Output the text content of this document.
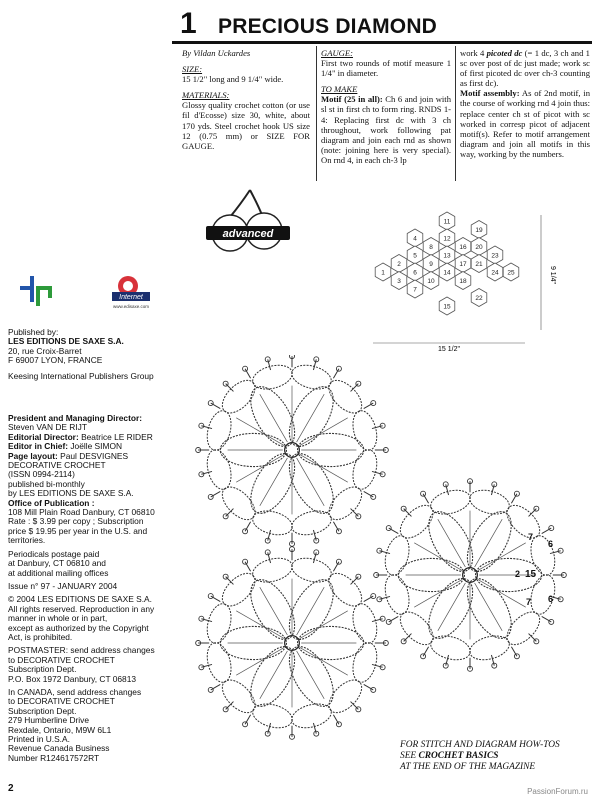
Internet
www.edisaxe.com
Published by:
LES EDITIONS DE SAXE S.A.
20, rue Croix-Barret
F 69007 LYON, FRANCE
Keesing International Publishers Group
President and Managing Director:
Steven VAN DE RIJT
Editorial Director: Beatrice LE RIDER
Editor in Chief: Joëlle SIMON
Page layout: Paul DESVIGNES
DECORATIVE CROCHET
(ISSN 0994-2114)
published bi-monthly
by LES EDITIONS DE SAXE S.A.
Office of Publication :
108 Mill Plain Road Danbury, CT 06810
Rate : $ 3.99 per copy ; Subscription
price $ 19.95 per year in the U.S. and
territories.
Periodicals postage paid
at Danbury, CT 06810 and
at additional mailing offices
Issue n° 97 - JANUARY 2004
© 2004 LES EDITIONS DE SAXE S.A.
All rights reserved. Reproduction in any
manner in whole or in part,
except as authorized by the Copyright
Act, is prohibited.
POSTMASTER: send address changes
to DECORATIVE CROCHET
Subscription Dept.
P.O. Box 1972 Danbury, CT 06813
In CANADA, send address changes
to DECORATIVE CROCHET
Subscription Dept.
279 Humberline Drive
Rexdale, Ontario, M9W 6L1
Printed in U.S.A.
Revenue Canada Business
Number R124617572RT
1 PRECIOUS DIAMOND
By Vildan Uckardes
SIZE:
15 1/2" long and 9 1/4" wide.
MATERIALS:
Glossy quality crochet cotton (or use fil d'Ecosse) size 30, white, about 170 yds. Steel crochet hook US size 12 (0.75 mm) or SIZE FOR GAUGE.
GAUGE:
First two rounds of motif measure 1 1/4" in diameter.
TO MAKE
Motif (25 in all): Ch 6 and join with sl st in first ch to form ring. RNDS 1-4: Replacing first dc with 3 ch throughout, work following pat diagram and join each rnd as shown (note: joining here is very special). On rnd 4, in each ch-3 lp
work 4 picoted dc (= 1 dc, 3 ch and 1 sc over post of dc just made; work sc of first picoted dc over ch-3 counting as first dc).
Motif assembly: As of 2nd motif, in the course of working rnd 4 join thus: replace center ch st of picot with sc worked in corresp picot of adjacent motif(s). Refer to motif arrangement diagram and join all motifs in this way, working by the numbers.
advanced
1
2
3
4
5
6
7
8
9
10
11
12
13
14
15
16
17
18
19
20
21
22
23
24 25
15 1/2"
9 1/4"
7
6
2 15
7 6
FOR STITCH AND DIAGRAM HOW-TOS
SEE CROCHET BASICS
AT THE END OF THE MAGAZINE
2	PassionForum.ru
